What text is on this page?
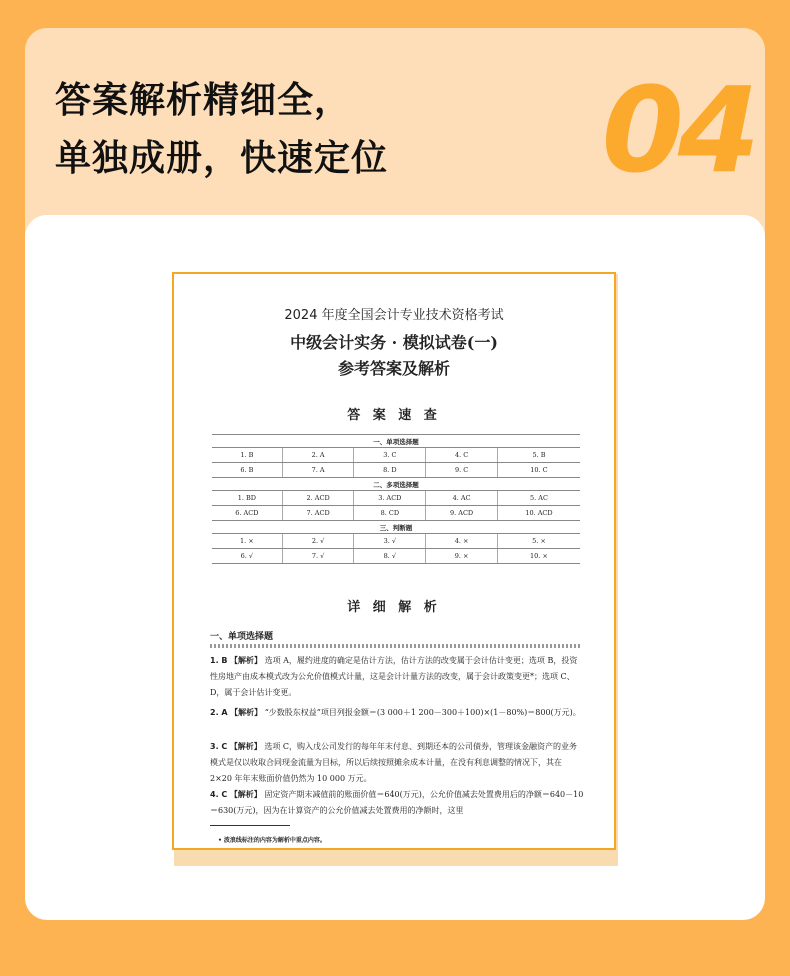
答案解析精细全，
单独成册，快速定位 04
2024 年度全国会计专业技术资格考试
中级会计实务 · 模拟试卷(一)
参考答案及解析
答 案 速 查
一、单项选择题				
1. B	2. A	3. C	4. C	5. B
6. B	7. A	8. D	9. C	10. C
二、多项选择题				
1. BD	2. ACD	3. ACD	4. AC	5. AC
6. ACD	7. ACD	8. CD	9. ACD	10. ACD
三、判断题				
1. ×	2. √	3. √	4. ×	5. ×
6. √	7. √	8. √	9. ×	10. ×
详 细 解 析
一、单项选择题
1. B 【解析】 选项 A，履约进度的确定是估计方法，估计方法的改变属于会计估计变更；选项 B，投资性房地产由成本模式改为公允价值模式计量，这是会计计量方法的改变，属于会计政策变更*；选项 C、D，属于会计估计变更。
2. A 【解析】 “少数股东权益”项目列报金额＝(3 000＋1 200－300＋100)×(1－80%)＝800(万元)。
3. C 【解析】 选项 C，购入戊公司发行的每年年末付息、到期还本的公司债券，管理该金融资产的业务模式是仅以收取合同现金流量为目标，所以后续按照摊余成本计量，在没有利息调整的情况下，其在 2×20 年年末账面价值仍然为 10 000 万元。
4. C 【解析】 固定资产期末减值前的账面价值＝640(万元)，公允价值减去处置费用后的净额＝640－10＝630(万元)，因为在计算资产的公允价值减去处置费用的净额时，这里
• 波浪线标注的内容为解析中重点内容。
